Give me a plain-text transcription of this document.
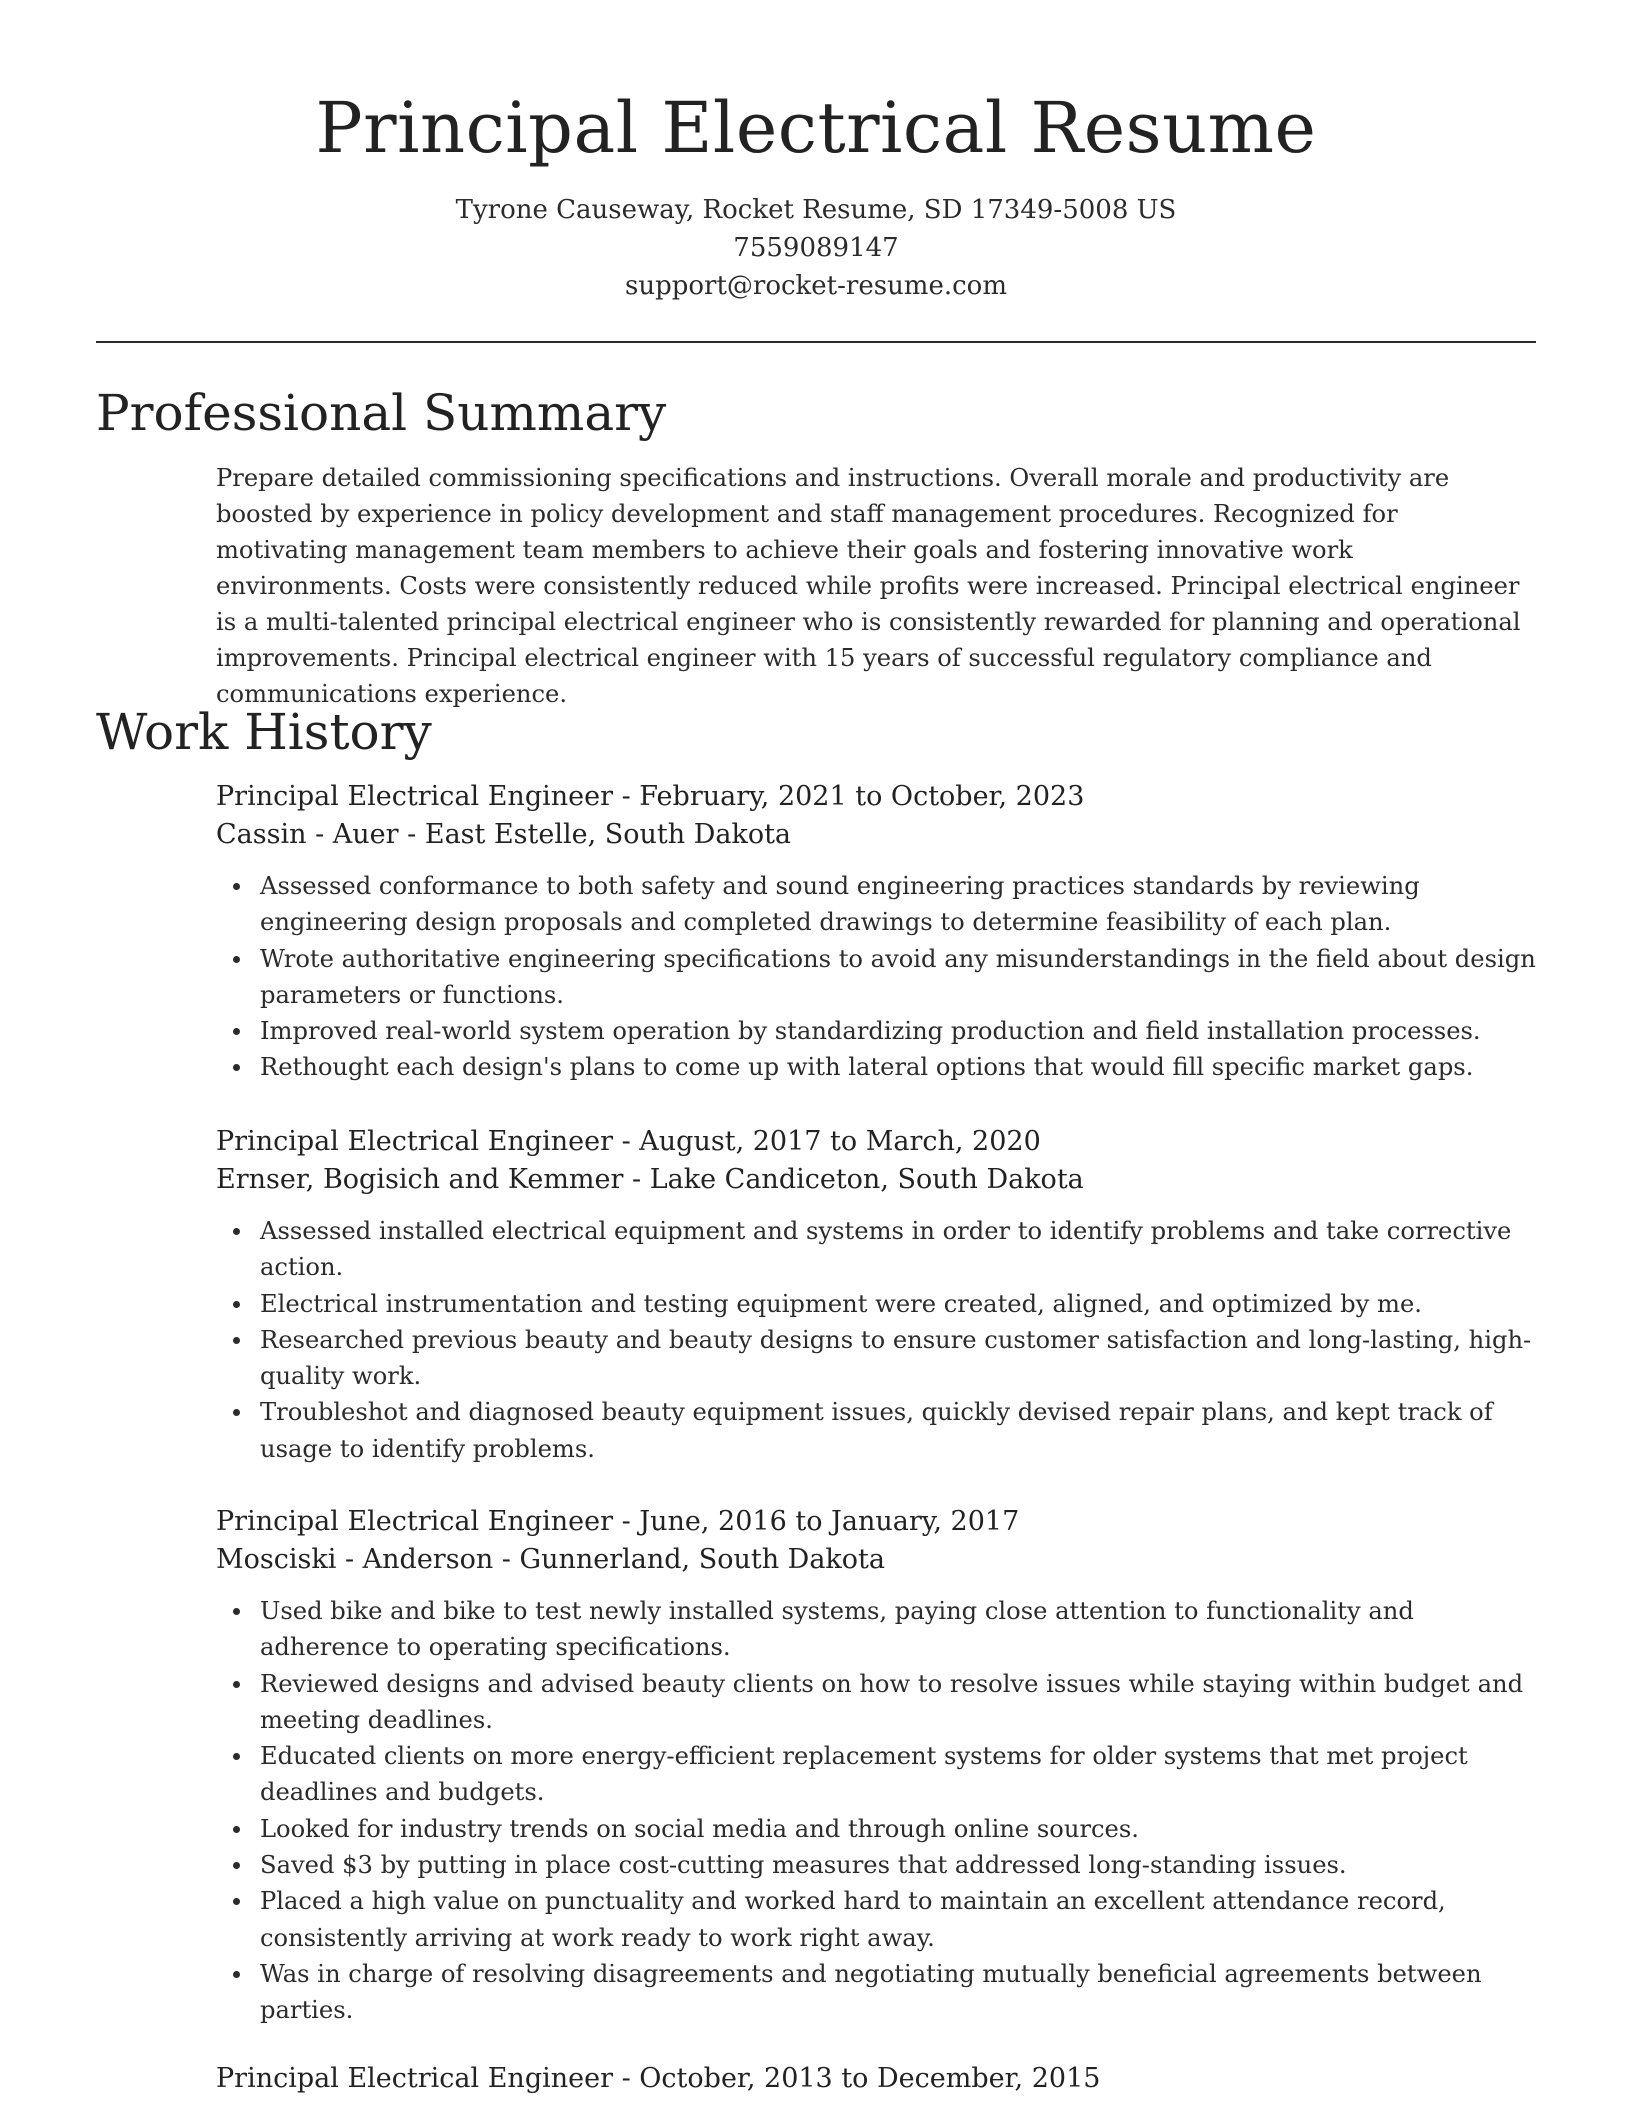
Principal Electrical Resume
Tyrone Causeway, Rocket Resume, SD 17349-5008 US
7559089147
support@rocket-resume.com
Professional Summary

Prepare detailed commissioning specifications and instructions. Overall morale and productivity are boosted by experience in policy development and staff management procedures. Recognized for motivating management team members to achieve their goals and fostering innovative work environments. Costs were consistently reduced while profits were increased. Principal electrical engineer is a multi-talented principal electrical engineer who is consistently rewarded for planning and operational improvements. Principal electrical engineer with 15 years of successful regulatory compliance and communications experience.

Work History
Principal Electrical Engineer - February, 2021 to October, 2023
Cassin - Auer - East Estelle, South Dakota
Assessed conformance to both safety and sound engineering practices standards by reviewing engineering design proposals and completed drawings to determine feasibility of each plan.
Wrote authoritative engineering specifications to avoid any misunderstandings in the field about design parameters or functions.
Improved real-world system operation by standardizing production and field installation processes.
Rethought each design's plans to come up with lateral options that would fill specific market gaps.
Principal Electrical Engineer - August, 2017 to March, 2020
Ernser, Bogisich and Kemmer - Lake Candiceton, South Dakota
Assessed installed electrical equipment and systems in order to identify problems and take corrective action.
Electrical instrumentation and testing equipment were created, aligned, and optimized by me.
Researched previous beauty and beauty designs to ensure customer satisfaction and long-lasting, high-quality work.
Troubleshot and diagnosed beauty equipment issues, quickly devised repair plans, and kept track of usage to identify problems.
Principal Electrical Engineer - June, 2016 to January, 2017
Mosciski - Anderson - Gunnerland, South Dakota
Used bike and bike to test newly installed systems, paying close attention to functionality and adherence to operating specifications.
Reviewed designs and advised beauty clients on how to resolve issues while staying within budget and meeting deadlines.
Educated clients on more energy-efficient replacement systems for older systems that met project deadlines and budgets.
Looked for industry trends on social media and through online sources.
Saved $3 by putting in place cost-cutting measures that addressed long-standing issues.
Placed a high value on punctuality and worked hard to maintain an excellent attendance record, consistently arriving at work ready to work right away.
Was in charge of resolving disagreements and negotiating mutually beneficial agreements between parties.
Principal Electrical Engineer - October, 2013 to December, 2015
